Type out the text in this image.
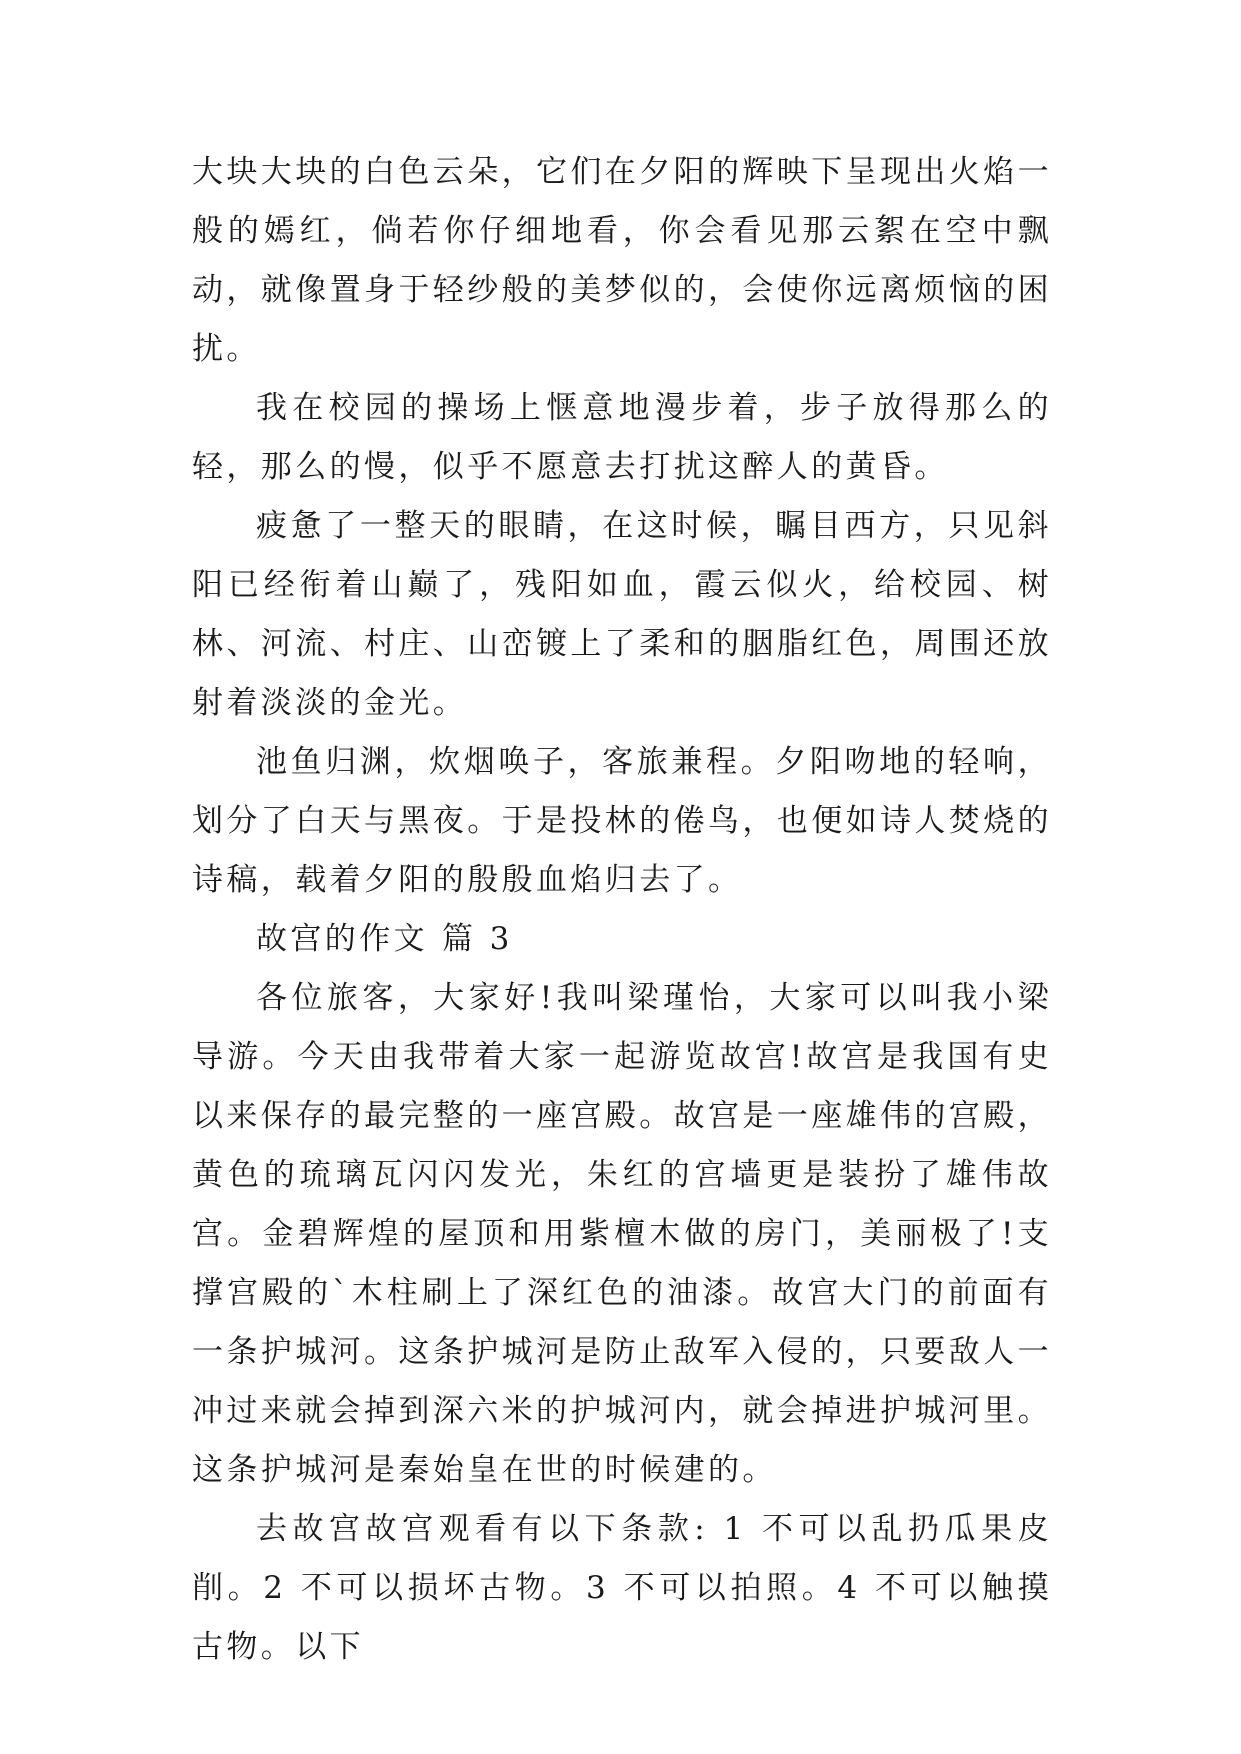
大块大块的白色云朵，它们在夕阳的辉映下呈现出火焰一般的嫣红，倘若你仔细地看，你会看见那云絮在空中飘动，就像置身于轻纱般的美梦似的，会使你远离烦恼的困扰。

我在校园的操场上惬意地漫步着，步子放得那么的轻，那么的慢，似乎不愿意去打扰这醉人的黄昏。

疲惫了一整天的眼睛，在这时候，瞩目西方，只见斜阳已经衔着山巅了，残阳如血，霞云似火，给校园、树林、河流、村庄、山峦镀上了柔和的胭脂红色，周围还放射着淡淡的金光。

池鱼归渊，炊烟唤子，客旅兼程。夕阳吻地的轻响，划分了白天与黑夜。于是投林的倦鸟，也便如诗人焚烧的诗稿，载着夕阳的殷殷血焰归去了。

故宫的作文 篇 3

各位旅客，大家好!我叫梁瑾怡，大家可以叫我小梁导游。今天由我带着大家一起游览故宫!故宫是我国有史以来保存的最完整的一座宫殿。故宫是一座雄伟的宫殿，黄色的琉璃瓦闪闪发光，朱红的宫墙更是装扮了雄伟故宫。金碧辉煌的屋顶和用紫檀木做的房门，美丽极了!支撑宫殿的`木柱刷上了深红色的油漆。故宫大门的前面有一条护城河。这条护城河是防止敌军入侵的，只要敌人一冲过来就会掉到深六米的护城河内，就会掉进护城河里。这条护城河是秦始皇在世的时候建的。

去故宫故宫观看有以下条款: 1 不可以乱扔瓜果皮削。2 不可以损坏古物。3 不可以拍照。4 不可以触摸古物。以下
